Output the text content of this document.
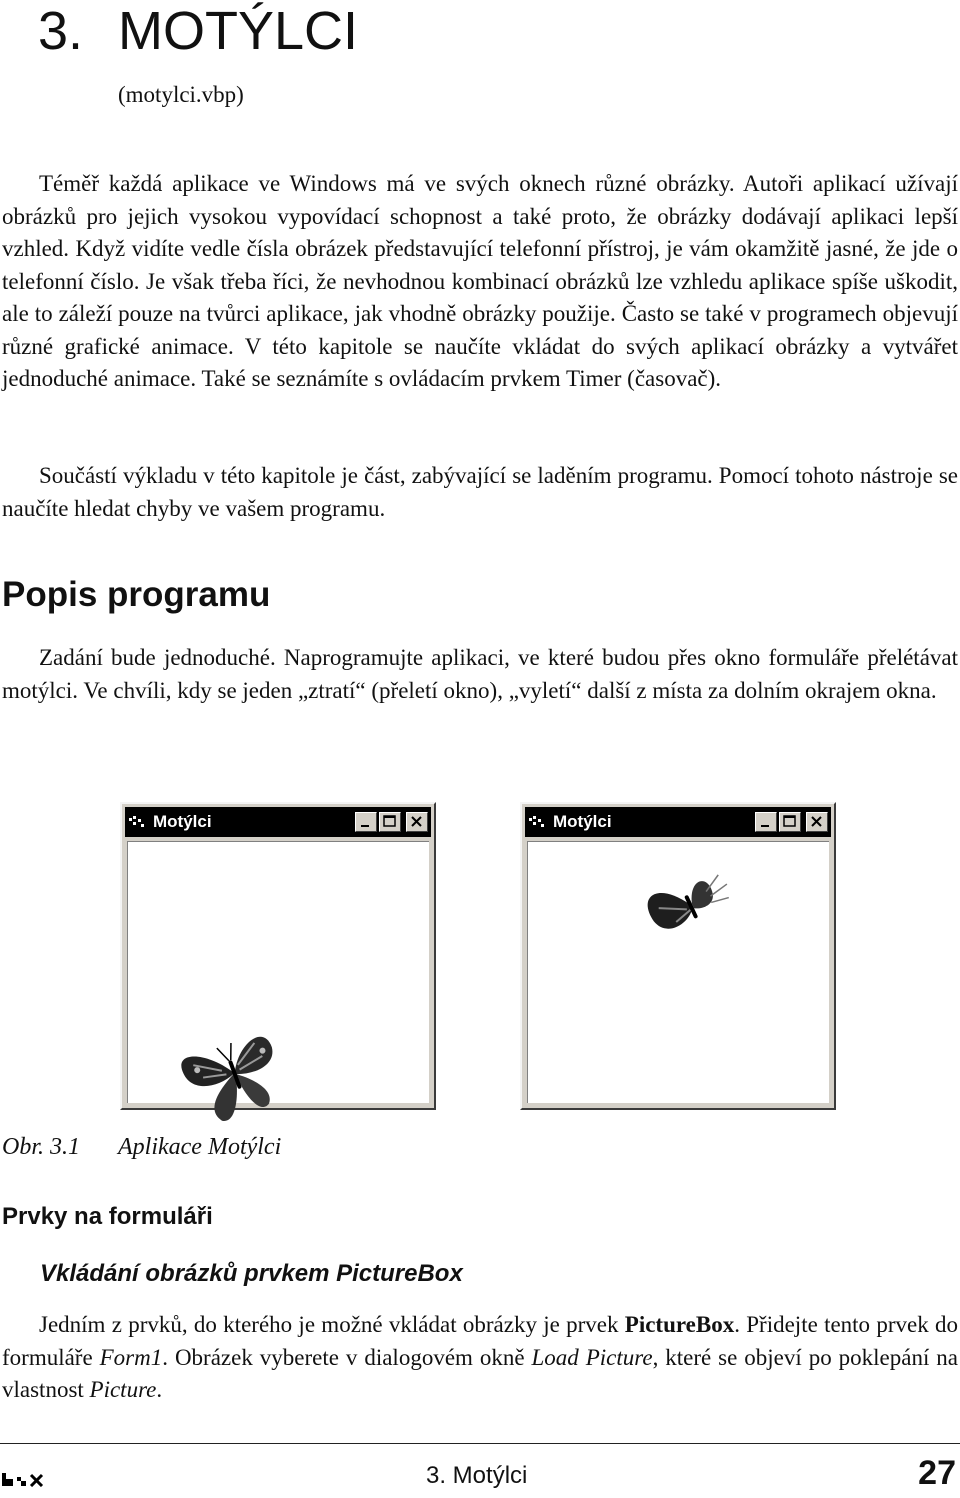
3. MOTÝLCI
(motylci.vbp)

Téměř každá aplikace ve Windows má ve svých oknech různé obrázky. Autoři aplikací užívají obrázků pro jejich vysokou vypovídací schopnost a také proto, že obrázky dodávají aplikaci lepší vzhled. Když vidíte vedle čísla obrázek představující telefonní přístroj, je vám okamžitě jasné, že jde o telefonní číslo. Je však třeba říci, že nevhodnou kombinací obrázků lze vzhledu aplikace spíše uškodit, ale to záleží pouze na tvůrci aplikace, jak vhodně obrázky použije. Často se také v programech objevují různé grafické animace. V této kapitole se naučíte vkládat do svých aplikací obrázky a vytvářet jednoduché animace. Také se seznámíte s ovládacím prvkem Timer (časovač).

Součástí výkladu v této kapitole je část, zabývající se laděním programu. Pomocí tohoto nástroje se naučíte hledat chyby ve vašem programu.

Popis programu

Zadání bude jednoduché. Naprogramujte aplikaci, ve které budou přes okno formuláře přelétávat motýlci. Ve chvíli, kdy se jeden „ztratí“ (přeletí okno), „vyletí“ další z místa za dolním okrajem okna.

Motýlci	Motýlci
Obr. 3.1 Aplikace Motýlci
Prvky na formuláři
Vkládání obrázků prvkem PictureBox

Jedním z prvků, do kterého je možné vkládat obrázky je prvek PictureBox. Přidejte tento prvek do formuláře Form1. Obrázek vyberete v dialogovém okně Load Picture, které se objeví po poklepání na vlastnost Picture.

3. Motýlci	27
